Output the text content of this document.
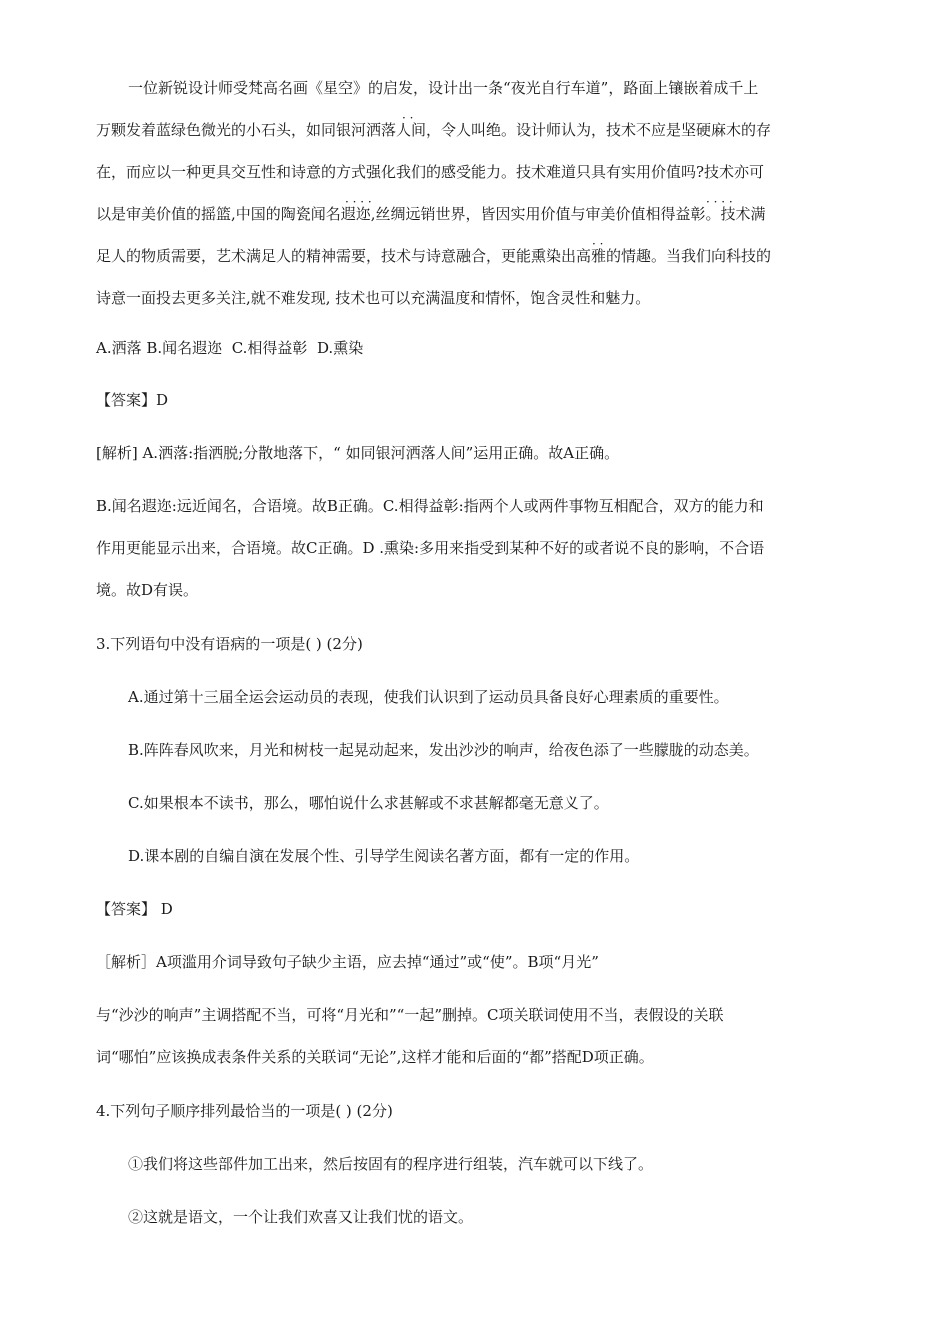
一位新锐设计师受梵高名画《星空》的启发，设计出一条“夜光自行车道”，路面上镶嵌着成千上
万颗发着蓝绿色微光的小石头，如同银河洒落人间，令人叫绝。设计师认为，技术不应是坚硬麻木的存
在，而应以一种更具交互性和诗意的方式强化我们的感受能力。技术难道只具有实用价值吗?技术亦可
以是审美价值的摇篮,中国的陶瓷闻名遐迩,丝绸远销世界，皆因实用价值与审美价值相得益彰。技术满
足人的物质需要，艺术满足人的精神需要，技术与诗意融合，更能熏染出高雅的情趣。当我们向科技的
诗意一面投去更多关注,就不难发现, 技术也可以充满温度和情怀，饱含灵性和魅力。
· ·
· · · ·	· · · ·
· ·
A.洒落 B.闻名遐迩  C.相得益彰  D.熏染
【答案】D
[解析] A.洒落:指洒脱;分散地落下，“ 如同银河洒落人间”运用正确。故A正确。
B.闻名遐迩:远近闻名，合语境。故B正确。C.相得益彰:指两个人或两件事物互相配合，双方的能力和
作用更能显示出来，合语境。故C正确。D .熏染:多用来指受到某种不好的或者说不良的影响，不合语
境。故D有误。
3.下列语句中没有语病的一项是( ) (2分)
A.通过第十三届全运会运动员的表现，使我们认识到了运动员具备良好心理素质的重要性。
B.阵阵春风吹来，月光和树枝一起晃动起来，发出沙沙的响声，给夜色添了一些朦胧的动态美。
C.如果根本不读书，那么，哪怕说什么求甚解或不求甚解都毫无意义了。
D.课本剧的自编自演在发展个性、引导学生阅读名著方面，都有一定的作用。
【答案】 D
［解析］A项滥用介词导致句子缺少主语，应去掉“通过”或“使”。B项“月光”
与“沙沙的响声”主调搭配不当，可将“月光和”“一起”删掉。C项关联词使用不当，表假设的关联
词“哪怕”应该换成表条件关系的关联词“无论”,这样才能和后面的“都”搭配D项正确。
4.下列句子顺序排列最恰当的一项是( ) (2分)
①我们将这些部件加工出来，然后按固有的程序进行组装，汽车就可以下线了。
②这就是语文，一个让我们欢喜又让我们忧的语文。
